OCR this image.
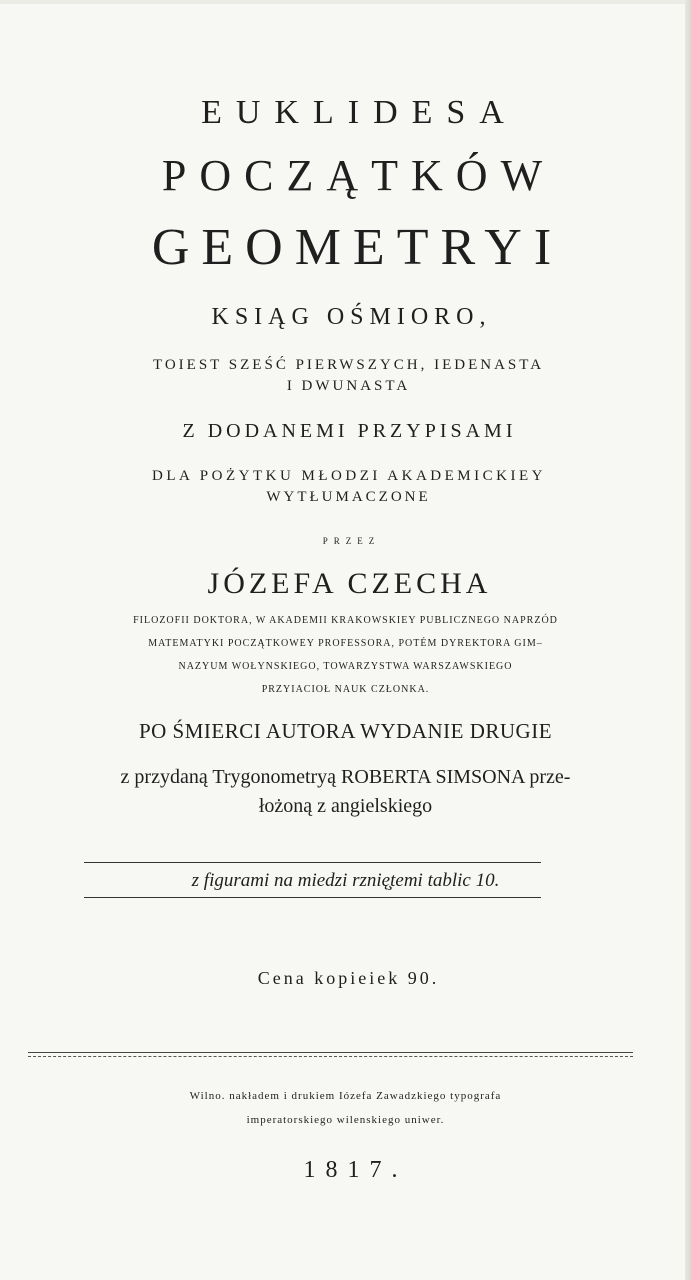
EUKLIDESA

POCZĄTKÓW

GEOMETRYI

KSIĄG OŚMIORO,

TOIEST SZEŚĆ PIERWSZYCH, IEDENASTA

I DWUNASTA

Z DODANEMI PRZYPISAMI

DLA POŻYTKU MŁODZI AKADEMICKIEY

WYTŁUMACZONE

PRZEZ

JÓZEFA CZECHA

FILOZOFII DOKTORA, W AKADEMII KRAKOWSKIEY PUBLICZNEGO NAPRZÓD

MATEMATYKI POCZĄTKOWEY PROFESSORA, POTÉM DYREKTORA GIM–

NAZYUM WOŁYNSKIEGO, TOWARZYSTWA WARSZAWSKIEGO

PRZYIACIOŁ NAUK CZŁONKA.

PO ŚMIERCI AUTORA WYDANIE DRUGIE

z przydaną Trygonometryą ROBERTA SIMSONA prze-

łożoną z angielskiego

z figurami na miedzi rznię̧temi tablic 10.

Cena kopieiek 90.

Wilno. nakładem i drukiem Iózefa Zawadzkiego typografa

imperatorskiego wilenskiego uniwer.

1817.
